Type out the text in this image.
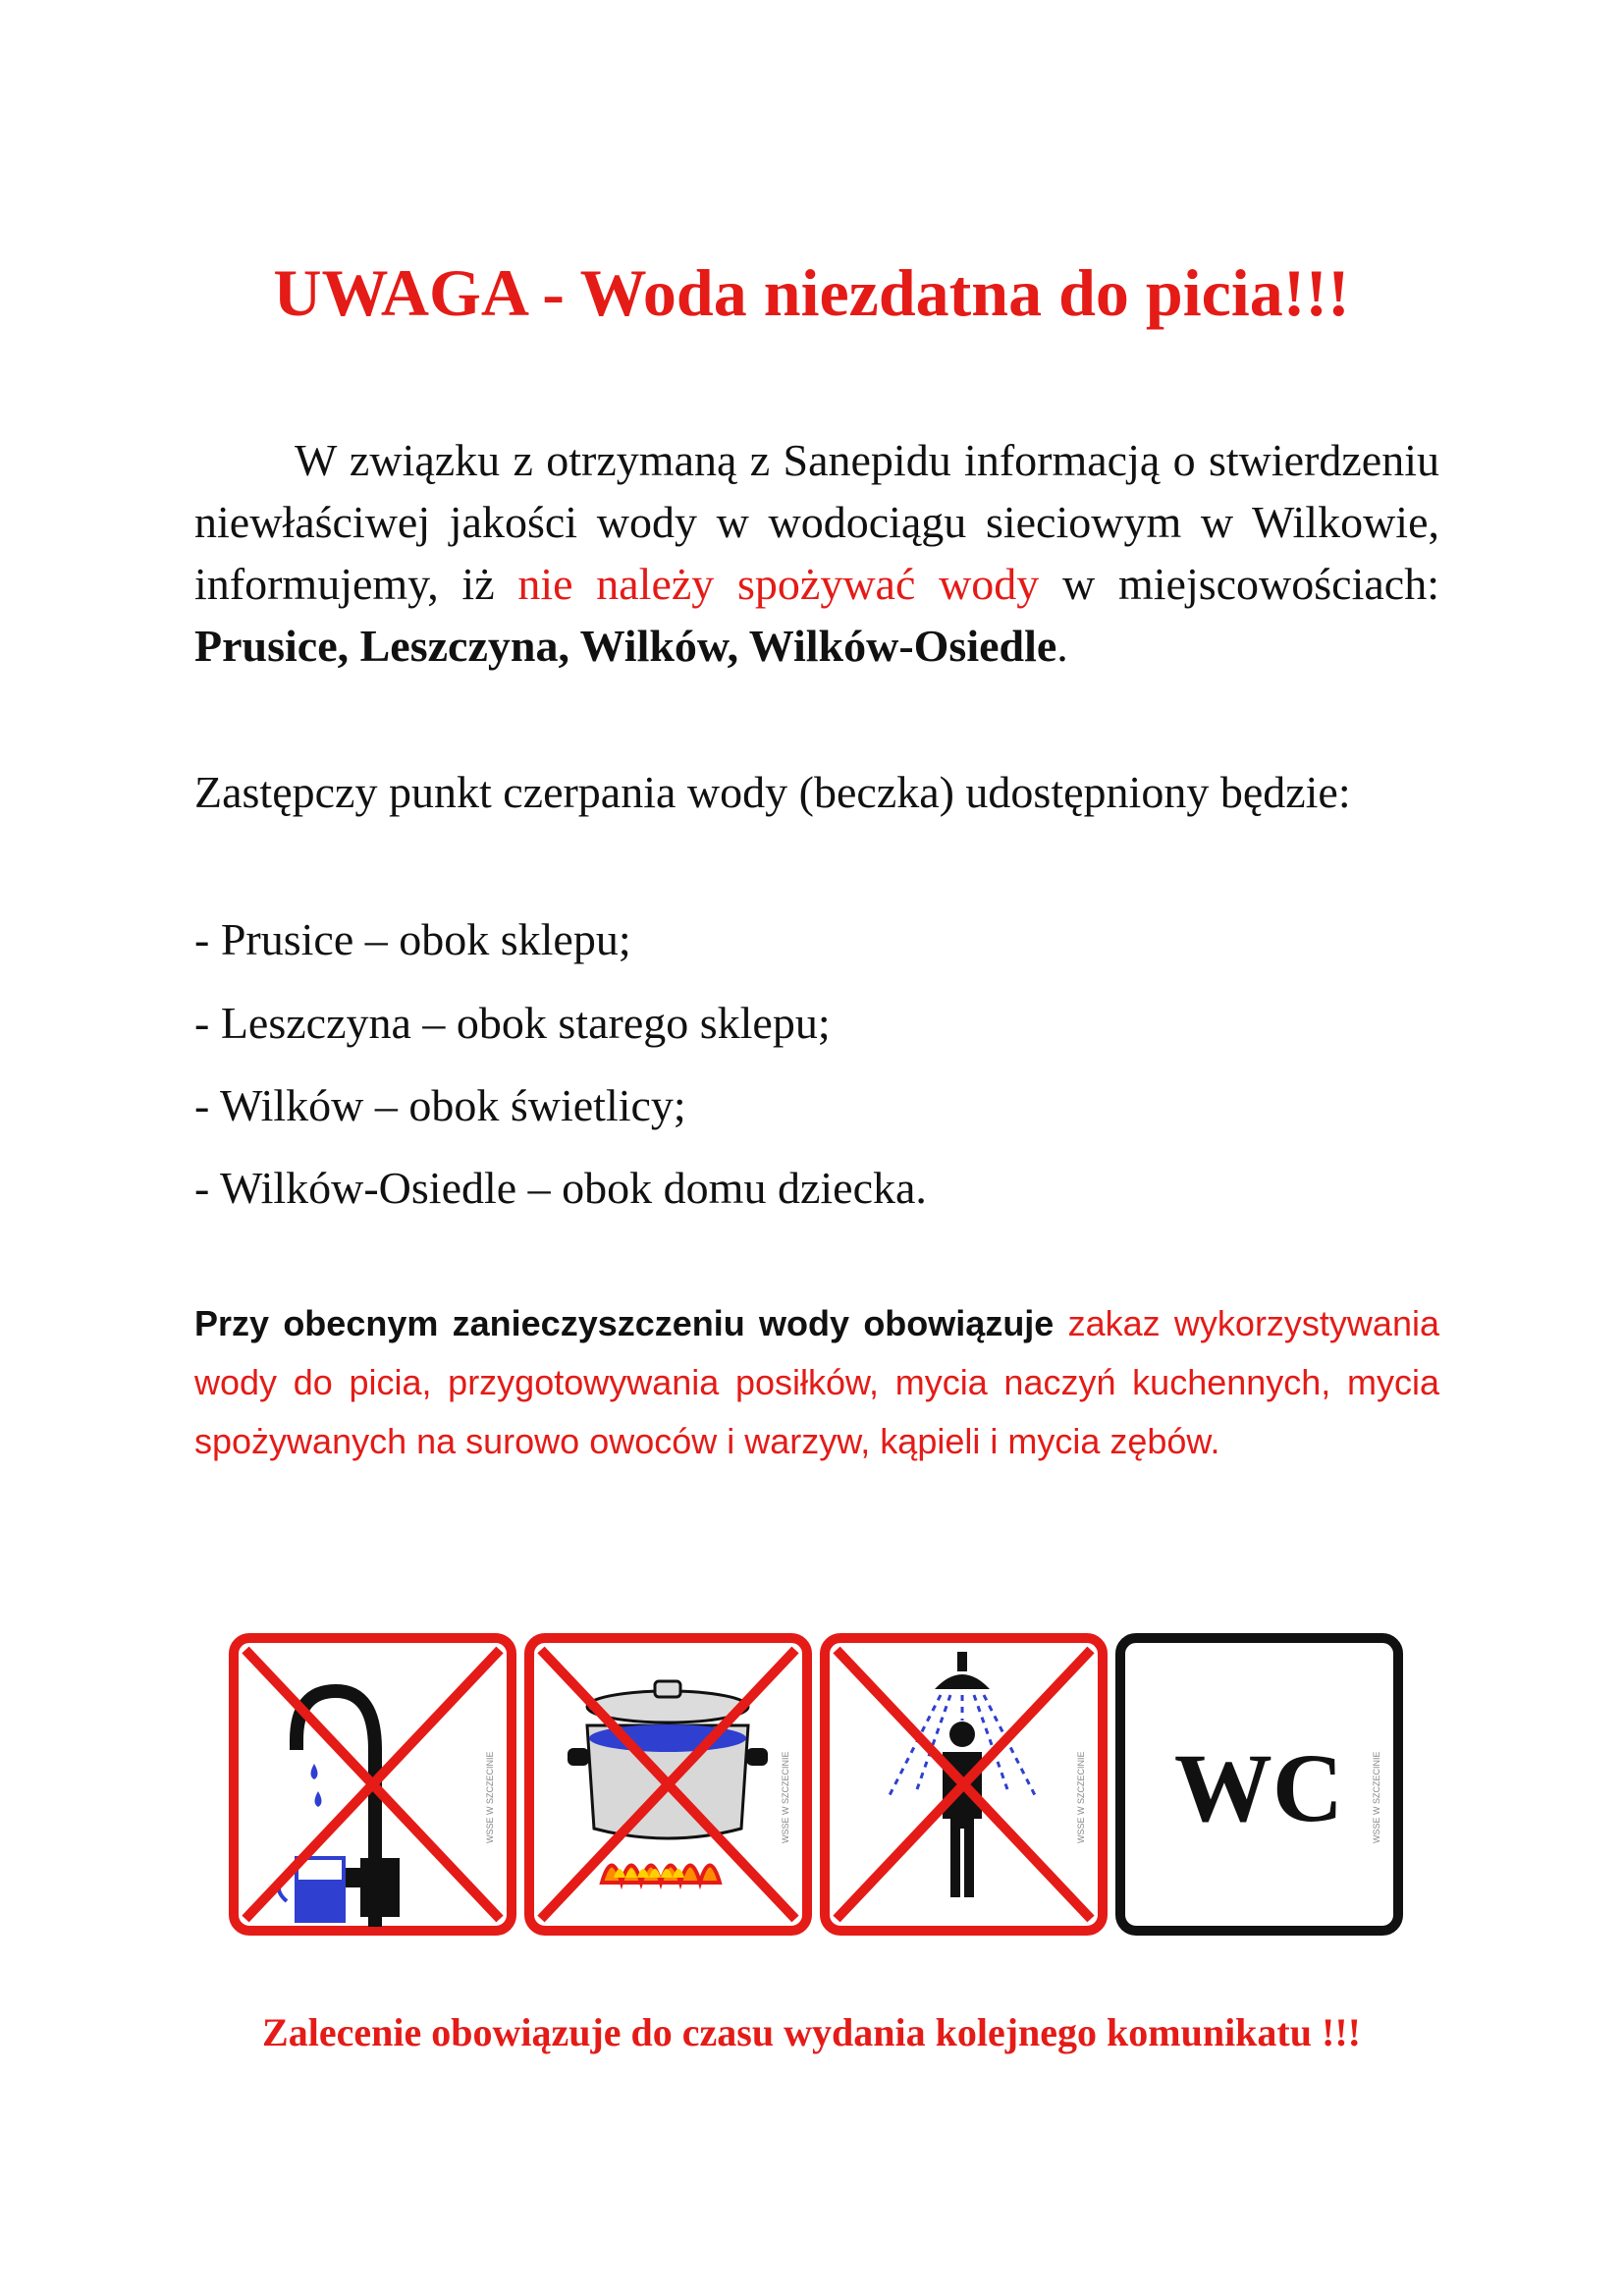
UWAGA - Woda niezdatna do picia!!!

W związku z otrzymaną z Sanepidu informacją o stwierdzeniu niewłaściwej jakości wody w wodociągu sieciowym w Wilkowie, informujemy, iż nie należy spożywać wody w miejscowościach: Prusice, Leszczyna, Wilków, Wilków-Osiedle.

Zastępczy punkt czerpania wody (beczka) udostępniony będzie:

- Prusice – obok sklepu;

- Leszczyna – obok starego sklepu;

- Wilków – obok świetlicy;

- Wilków-Osiedle – obok domu dziecka.

Przy obecnym zanieczyszczeniu wody obowiązuje zakaz wykorzystywania wody do picia, przygotowywania posiłków, mycia naczyń kuchennych, mycia spożywanych na surowo owoców i warzyw, kąpieli i mycia zębów.

WSSE W SZCZECINIE	WSSE W SZCZECINIE	WSSE W SZCZECINIE WC	WSSE W SZCZECINIE

Zalecenie obowiązuje do czasu wydania kolejnego komunikatu !!!
